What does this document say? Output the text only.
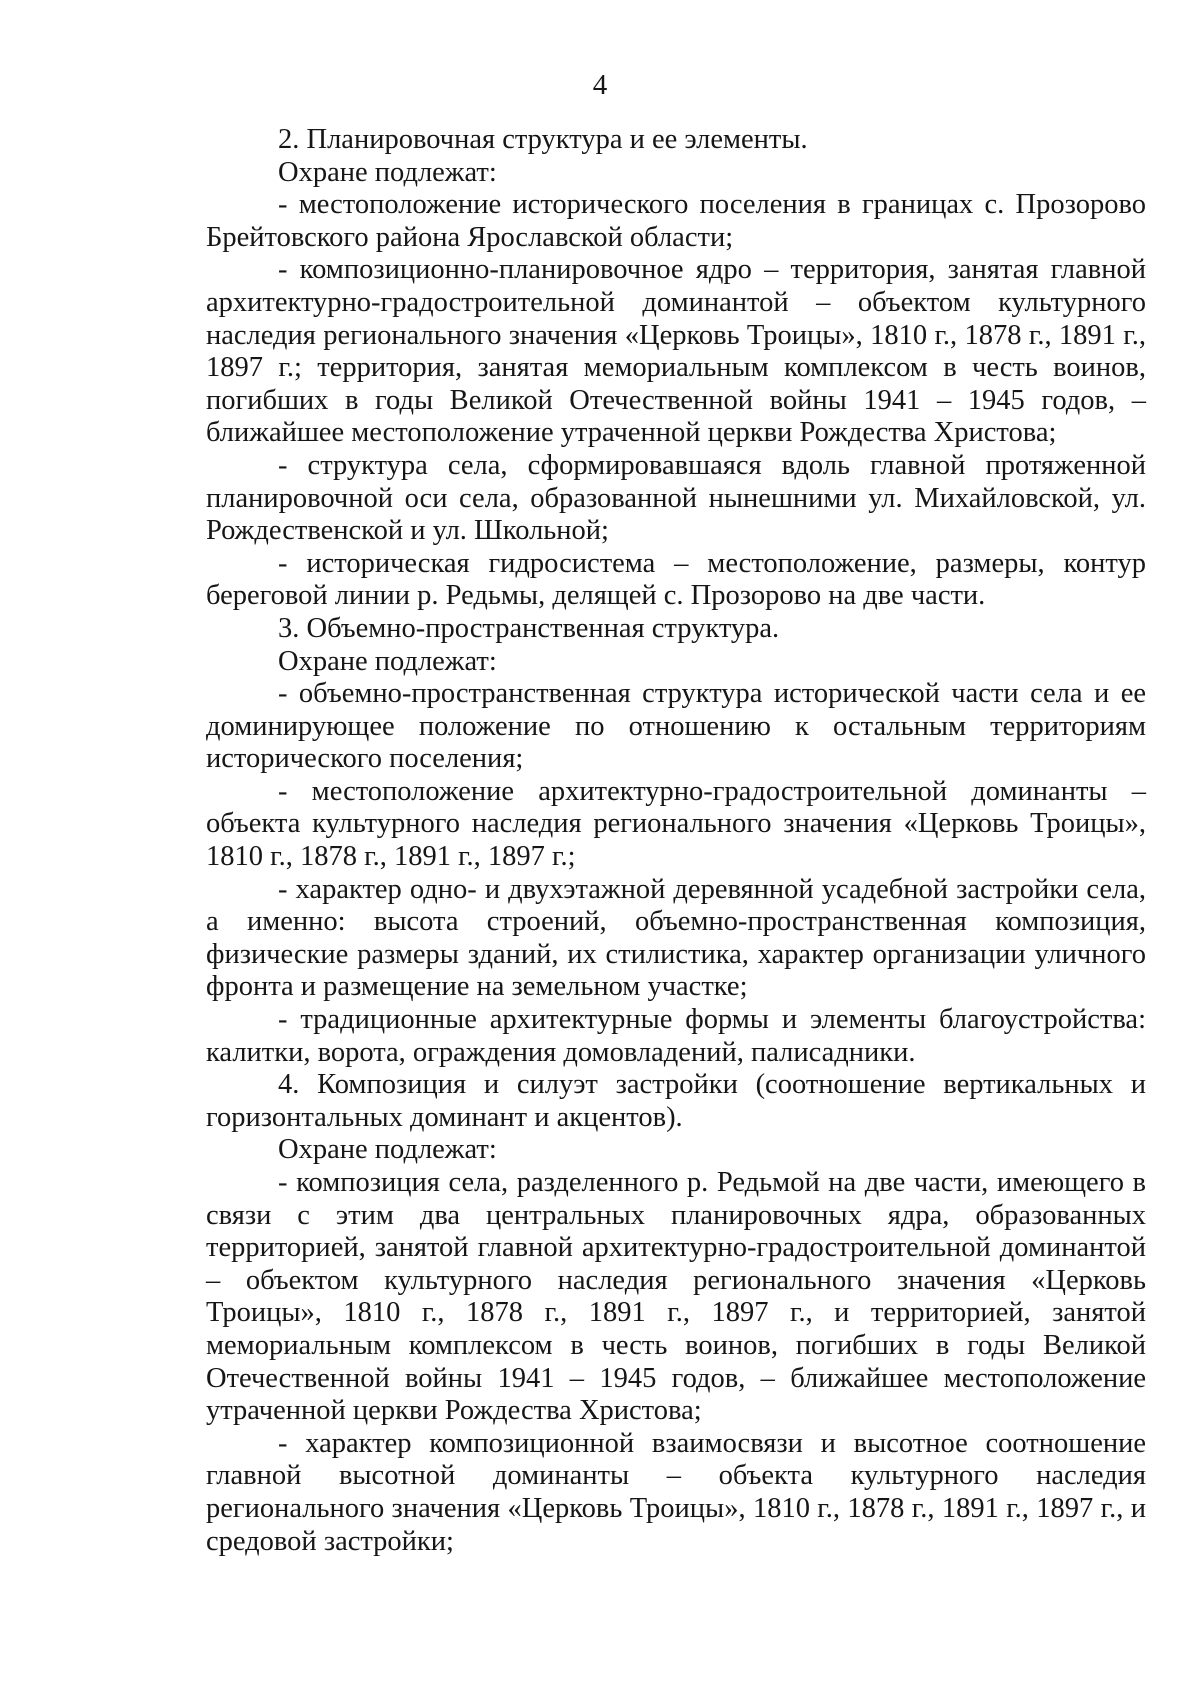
4

2. Планировочная структура и ее элементы.

Охране подлежат:

- местоположение исторического поселения в границах с. Прозорово Брейтовского района Ярославской области;

- композиционно-планировочное ядро – территория, занятая главной архитектурно-градостроительной доминантой – объектом культурного наследия регионального значения «Церковь Троицы», 1810 г., 1878 г., 1891 г., 1897 г.; территория, занятая мемориальным комплексом в честь воинов, погибших в годы Великой Отечественной войны 1941 – 1945 годов, – ближайшее местоположение утраченной церкви Рождества Христова;

- структура села, сформировавшаяся вдоль главной протяженной планировочной оси села, образованной нынешними ул. Михайловской, ул. Рождественской и ул. Школьной;

- историческая гидросистема – местоположение, размеры, контур береговой линии р. Редьмы, делящей с. Прозорово на две части.

3. Объемно-пространственная структура.

Охране подлежат:

- объемно-пространственная структура исторической части села и ее доминирующее положение по отношению к остальным территориям исторического поселения;

- местоположение архитектурно-градостроительной доминанты – объекта культурного наследия регионального значения «Церковь Троицы», 1810 г., 1878 г., 1891 г., 1897 г.;

- характер одно- и двухэтажной деревянной усадебной застройки села, а именно: высота строений, объемно-пространственная композиция, физические размеры зданий, их стилистика, характер организации уличного фронта и размещение на земельном участке;

- традиционные архитектурные формы и элементы благоустройства: калитки, ворота, ограждения домовладений, палисадники.

4. Композиция и силуэт застройки (соотношение вертикальных и горизонтальных доминант и акцентов).

Охране подлежат:

- композиция села, разделенного р. Редьмой на две части, имеющего в связи с этим два центральных планировочных ядра, образованных территорией, занятой главной архитектурно-градостроительной доминантой – объектом культурного наследия регионального значения «Церковь Троицы», 1810 г., 1878 г., 1891 г., 1897 г., и территорией, занятой мемориальным комплексом в честь воинов, погибших в годы Великой Отечественной войны 1941 – 1945 годов, – ближайшее местоположение утраченной церкви Рождества Христова;

- характер композиционной взаимосвязи и высотное соотношение главной высотной доминанты – объекта культурного наследия регионального значения «Церковь Троицы», 1810 г., 1878 г., 1891 г., 1897 г., и средовой застройки;
